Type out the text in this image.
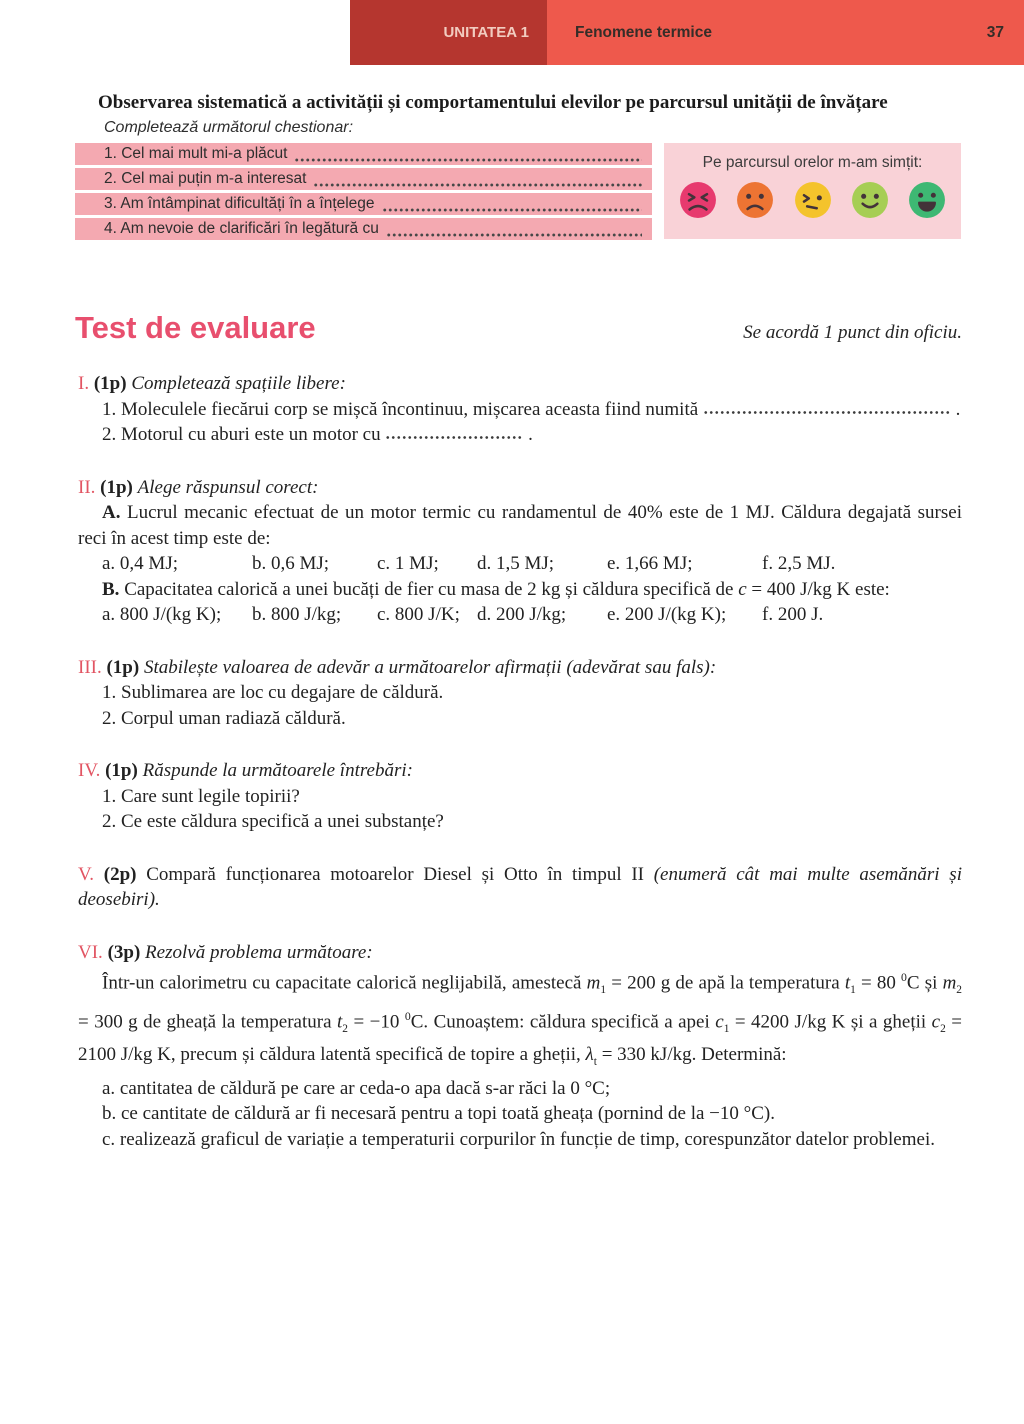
UNITATEA 1	Fenomene termice	37
Observarea sistematică a activității și comportamentului elevilor pe parcursul unității de învățare
Completează următorul chestionar:
1. Cel mai mult mi-a plăcut
2. Cel mai puțin m-a interesat
3. Am întâmpinat dificultăți în a înțelege
4. Am nevoie de clarificări în legătură cu
Pe parcursul orelor m-am simțit:
Test de evaluare	Se acordă 1 punct din oficiu.

I. (1p) Completează spațiile libere:

1. Moleculele fiecărui corp se mișcă încontinuu, mișcarea aceasta fiind numită	.

2. Motorul cu aburi este un motor cu	.

II. (1p) Alege răspunsul corect:

A. Lucrul mecanic efectuat de un motor termic cu randamentul de 40% este de 1 MJ. Căldura degajată sursei reci în acest timp este de:

a. 0,4 MJ;	b. 0,6 MJ;	c. 1 MJ; d. 1,5 MJ;	e. 1,66 MJ;	f. 2,5 MJ.

B. Capacitatea calorică a unei bucăți de fier cu masa de 2 kg și căldura specifică de c = 400 J/kg K este:

a. 800 J/(kg K); b. 800 J/kg; c. 800 J/K; d. 200 J/kg; e. 200 J/(kg K); f. 200 J.

III. (1p) Stabilește valoarea de adevăr a următoarelor afirmații (adevărat sau fals):

1. Sublimarea are loc cu degajare de căldură.

2. Corpul uman radiază căldură.

IV. (1p) Răspunde la următoarele întrebări:

1. Care sunt legile topirii?

2. Ce este căldura specifică a unei substanțe?

V. (2p) Compară funcționarea motoarelor Diesel și Otto în timpul II (enumeră cât mai multe asemănări și deosebiri).

VI. (3p) Rezolvă problema următoare:

Într-un calorimetru cu capacitate calorică neglijabilă, amestecă $m_1 = 200$ g de apă la temperatura $t_1 = 80$ $^0$C și $m_2 = 300$ g de gheață la temperatura $t_2 = -10$ $^0$C. Cunoaștem: căldura specifică a apei $c_1 = 4200$ J/kg K și a gheții $c_2 = 2100$ J/kg K, precum și căldura latentă specifică de topire a gheții, $\lambda_t = 330$ kJ/kg. Determină:

a. cantitatea de căldură pe care ar ceda-o apa dacă s-ar răci la 0 °C;

b. ce cantitate de căldură ar fi necesară pentru a topi toată gheața (pornind de la −10 °C).

c. realizează graficul de variație a temperaturii corpurilor în funcție de timp, corespunzător datelor problemei.
